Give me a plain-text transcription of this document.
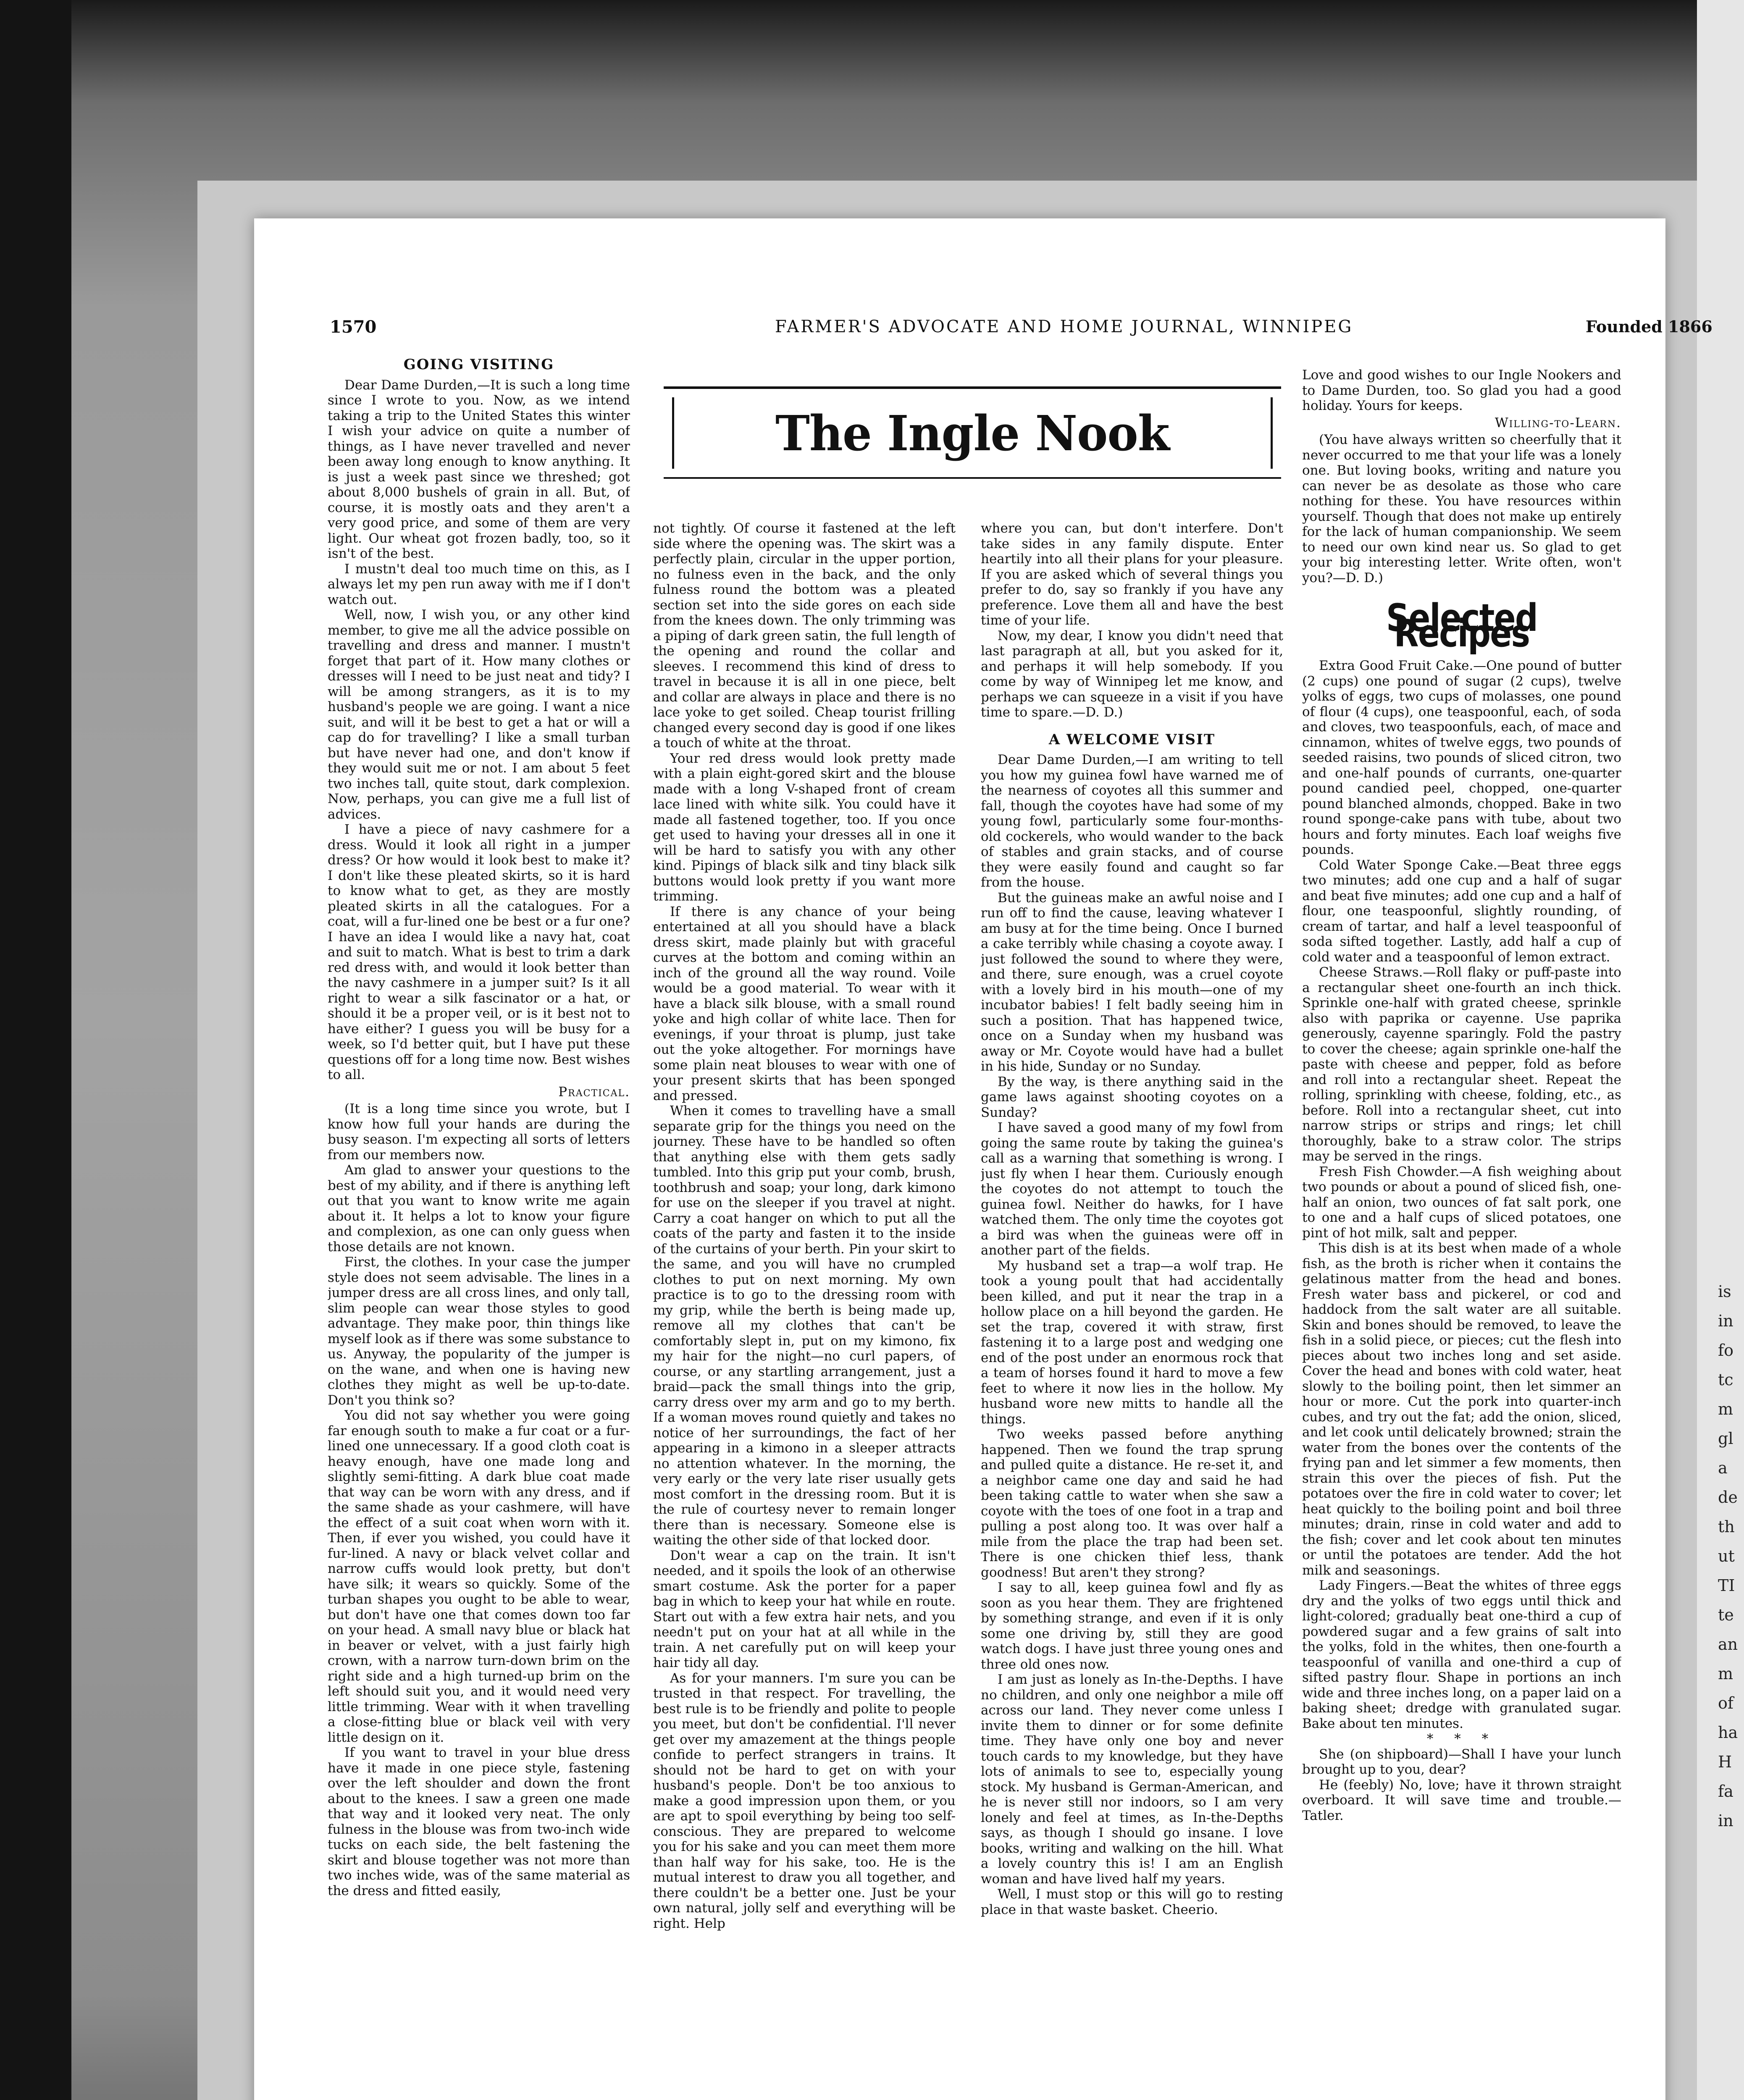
is
in
fo
tc
m
gl
a
de
th
ut
TI
te
an
m
of
ha
H
fa
in
1570	FARMER'S ADVOCATE AND HOME JOURNAL, WINNIPEG	Founded 1866
The Ingle Nook
GOING VISITING

Dear Dame Durden,—It is such a long time since I wrote to you. Now, as we intend taking a trip to the United States this winter I wish your advice on quite a number of things, as I have never travelled and never been away long enough to know anything. It is just a week past since we threshed; got about 8,000 bushels of grain in all. But, of course, it is mostly oats and they aren't a very good price, and some of them are very light. Our wheat got frozen badly, too, so it isn't of the best.

I mustn't deal too much time on this, as I always let my pen run away with me if I don't watch out.

Well, now, I wish you, or any other kind member, to give me all the advice possible on travelling and dress and manner. I mustn't forget that part of it. How many clothes or dresses will I need to be just neat and tidy? I will be among strangers, as it is to my husband's people we are going. I want a nice suit, and will it be best to get a hat or will a cap do for travelling? I like a small turban but have never had one, and don't know if they would suit me or not. I am about 5 feet two inches tall, quite stout, dark complexion. Now, perhaps, you can give me a full list of advices.

I have a piece of navy cashmere for a dress. Would it look all right in a jumper dress? Or how would it look best to make it? I don't like these pleated skirts, so it is hard to know what to get, as they are mostly pleated skirts in all the catalogues. For a coat, will a fur-lined one be best or a fur one? I have an idea I would like a navy hat, coat and suit to match. What is best to trim a dark red dress with, and would it look better than the navy cashmere in a jumper suit? Is it all right to wear a silk fascinator or a hat, or should it be a proper veil, or is it best not to have either? I guess you will be busy for a week, so I'd better quit, but I have put these questions off for a long time now. Best wishes to all.

Practical.

(It is a long time since you wrote, but I know how full your hands are during the busy season. I'm expecting all sorts of letters from our members now.

Am glad to answer your questions to the best of my ability, and if there is anything left out that you want to know write me again about it. It helps a lot to know your figure and complexion, as one can only guess when those details are not known.

First, the clothes. In your case the jumper style does not seem advisable. The lines in a jumper dress are all cross lines, and only tall, slim people can wear those styles to good advantage. They make poor, thin things like myself look as if there was some substance to us. Anyway, the popularity of the jumper is on the wane, and when one is having new clothes they might as well be up-to-date. Don't you think so?

You did not say whether you were going far enough south to make a fur coat or a fur-lined one unnecessary. If a good cloth coat is heavy enough, have one made long and slightly semi-fitting. A dark blue coat made that way can be worn with any dress, and if the same shade as your cashmere, will have the effect of a suit coat when worn with it. Then, if ever you wished, you could have it fur-lined. A navy or black velvet collar and narrow cuffs would look pretty, but don't have silk; it wears so quickly. Some of the turban shapes you ought to be able to wear, but don't have one that comes down too far on your head. A small navy blue or black hat in beaver or velvet, with a just fairly high crown, with a narrow turn-down brim on the right side and a high turned-up brim on the left should suit you, and it would need very little trimming. Wear with it when travelling a close-fitting blue or black veil with very little design on it.

If you want to travel in your blue dress have it made in one piece style, fastening over the left shoulder and down the front about to the knees. I saw a green one made that way and it looked very neat. The only fulness in the blouse was from two-inch wide tucks on each side, the belt fastening the skirt and blouse together was not more than two inches wide, was of the same material as the dress and fitted easily,

not tightly. Of course it fastened at the left side where the opening was. The skirt was a perfectly plain, circular in the upper portion, no fulness even in the back, and the only fulness round the bottom was a pleated section set into the side gores on each side from the knees down. The only trimming was a piping of dark green satin, the full length of the opening and round the collar and sleeves. I recommend this kind of dress to travel in because it is all in one piece, belt and collar are always in place and there is no lace yoke to get soiled. Cheap tourist frilling changed every second day is good if one likes a touch of white at the throat.

Your red dress would look pretty made with a plain eight-gored skirt and the blouse made with a long V-shaped front of cream lace lined with white silk. You could have it made all fastened together, too. If you once get used to having your dresses all in one it will be hard to satisfy you with any other kind. Pipings of black silk and tiny black silk buttons would look pretty if you want more trimming.

If there is any chance of your being entertained at all you should have a black dress skirt, made plainly but with graceful curves at the bottom and coming within an inch of the ground all the way round. Voile would be a good material. To wear with it have a black silk blouse, with a small round yoke and high collar of white lace. Then for evenings, if your throat is plump, just take out the yoke altogether. For mornings have some plain neat blouses to wear with one of your present skirts that has been sponged and pressed.

When it comes to travelling have a small separate grip for the things you need on the journey. These have to be handled so often that anything else with them gets sadly tumbled. Into this grip put your comb, brush, toothbrush and soap; your long, dark kimono for use on the sleeper if you travel at night. Carry a coat hanger on which to put all the coats of the party and fasten it to the inside of the curtains of your berth. Pin your skirt to the same, and you will have no crumpled clothes to put on next morning. My own practice is to go to the dressing room with my grip, while the berth is being made up, remove all my clothes that can't be comfortably slept in, put on my kimono, fix my hair for the night—no curl papers, of course, or any startling arrangement, just a braid—pack the small things into the grip, carry dress over my arm and go to my berth. If a woman moves round quietly and takes no notice of her surroundings, the fact of her appearing in a kimono in a sleeper attracts no attention whatever. In the morning, the very early or the very late riser usually gets most comfort in the dressing room. But it is the rule of courtesy never to remain longer there than is necessary. Someone else is waiting the other side of that locked door.

Don't wear a cap on the train. It isn't needed, and it spoils the look of an otherwise smart costume. Ask the porter for a paper bag in which to keep your hat while en route. Start out with a few extra hair nets, and you needn't put on your hat at all while in the train. A net carefully put on will keep your hair tidy all day.

As for your manners. I'm sure you can be trusted in that respect. For travelling, the best rule is to be friendly and polite to people you meet, but don't be confidential. I'll never get over my amazement at the things people confide to perfect strangers in trains. It should not be hard to get on with your husband's people. Don't be too anxious to make a good impression upon them, or you are apt to spoil everything by being too self-conscious. They are prepared to welcome you for his sake and you can meet them more than half way for his sake, too. He is the mutual interest to draw you all together, and there couldn't be a better one. Just be your own natural, jolly self and everything will be right. Help

where you can, but don't interfere. Don't take sides in any family dispute. Enter heartily into all their plans for your pleasure. If you are asked which of several things you prefer to do, say so frankly if you have any preference. Love them all and have the best time of your life.

Now, my dear, I know you didn't need that last paragraph at all, but you asked for it, and perhaps it will help somebody. If you come by way of Winnipeg let me know, and perhaps we can squeeze in a visit if you have time to spare.—D. D.)

A WELCOME VISIT

Dear Dame Durden,—I am writing to tell you how my guinea fowl have warned me of the nearness of coyotes all this summer and fall, though the coyotes have had some of my young fowl, particularly some four-months-old cockerels, who would wander to the back of stables and grain stacks, and of course they were easily found and caught so far from the house.

But the guineas make an awful noise and I run off to find the cause, leaving whatever I am busy at for the time being. Once I burned a cake terribly while chasing a coyote away. I just followed the sound to where they were, and there, sure enough, was a cruel coyote with a lovely bird in his mouth—one of my incubator babies! I felt badly seeing him in such a position. That has happened twice, once on a Sunday when my husband was away or Mr. Coyote would have had a bullet in his hide, Sunday or no Sunday.

By the way, is there anything said in the game laws against shooting coyotes on a Sunday?

I have saved a good many of my fowl from going the same route by taking the guinea's call as a warning that something is wrong. I just fly when I hear them. Curiously enough the coyotes do not attempt to touch the guinea fowl. Neither do hawks, for I have watched them. The only time the coyotes got a bird was when the guineas were off in another part of the fields.

My husband set a trap—a wolf trap. He took a young poult that had accidentally been killed, and put it near the trap in a hollow place on a hill beyond the garden. He set the trap, covered it with straw, first fastening it to a large post and wedging one end of the post under an enormous rock that a team of horses found it hard to move a few feet to where it now lies in the hollow. My husband wore new mitts to handle all the things.

Two weeks passed before anything happened. Then we found the trap sprung and pulled quite a distance. He re-set it, and a neighbor came one day and said he had been taking cattle to water when she saw a coyote with the toes of one foot in a trap and pulling a post along too. It was over half a mile from the place the trap had been set. There is one chicken thief less, thank goodness! But aren't they strong?

I say to all, keep guinea fowl and fly as soon as you hear them. They are frightened by something strange, and even if it is only some one driving by, still they are good watch dogs. I have just three young ones and three old ones now.

I am just as lonely as In-the-Depths. I have no children, and only one neighbor a mile off across our land. They never come unless I invite them to dinner or for some definite time. They have only one boy and never touch cards to my knowledge, but they have lots of animals to see to, especially young stock. My husband is German-American, and he is never still nor indoors, so I am very lonely and feel at times, as In-the-Depths says, as though I should go insane. I love books, writing and walking on the hill. What a lovely country this is! I am an English woman and have lived half my years.

Well, I must stop or this will go to resting place in that waste basket. Cheerio.

Love and good wishes to our Ingle Nookers and to Dame Durden, too. So glad you had a good holiday. Yours for keeps.

Willing-to-Learn.

(You have always written so cheerfully that it never occurred to me that your life was a lonely one. But loving books, writing and nature you can never be as desolate as those who care nothing for these. You have resources within yourself. Though that does not make up entirely for the lack of human companionship. We seem to need our own kind near us. So glad to get your big interesting letter. Write often, won't you?—D. D.)

Selected Recipes

Extra Good Fruit Cake.—One pound of butter (2 cups) one pound of sugar (2 cups), twelve yolks of eggs, two cups of molasses, one pound of flour (4 cups), one teaspoonful, each, of soda and cloves, two teaspoonfuls, each, of mace and cinnamon, whites of twelve eggs, two pounds of seeded raisins, two pounds of sliced citron, two and one-half pounds of currants, one-quarter pound candied peel, chopped, one-quarter pound blanched almonds, chopped. Bake in two round sponge-cake pans with tube, about two hours and forty minutes. Each loaf weighs five pounds.

Cold Water Sponge Cake.—Beat three eggs two minutes; add one cup and a half of sugar and beat five minutes; add one cup and a half of flour, one teaspoonful, slightly rounding, of cream of tartar, and half a level teaspoonful of soda sifted together. Lastly, add half a cup of cold water and a teaspoonful of lemon extract.

Cheese Straws.—Roll flaky or puff-paste into a rectangular sheet one-fourth an inch thick. Sprinkle one-half with grated cheese, sprinkle also with paprika or cayenne. Use paprika generously, cayenne sparingly. Fold the pastry to cover the cheese; again sprinkle one-half the paste with cheese and pepper, fold as before and roll into a rectangular sheet. Repeat the rolling, sprinkling with cheese, folding, etc., as before. Roll into a rectangular sheet, cut into narrow strips or strips and rings; let chill thoroughly, bake to a straw color. The strips may be served in the rings.

Fresh Fish Chowder.—A fish weighing about two pounds or about a pound of sliced fish, one-half an onion, two ounces of fat salt pork, one to one and a half cups of sliced potatoes, one pint of hot milk, salt and pepper.

This dish is at its best when made of a whole fish, as the broth is richer when it contains the gelatinous matter from the head and bones. Fresh water bass and pickerel, or cod and haddock from the salt water are all suitable. Skin and bones should be removed, to leave the fish in a solid piece, or pieces; cut the flesh into pieces about two inches long and set aside. Cover the head and bones with cold water, heat slowly to the boiling point, then let simmer an hour or more. Cut the pork into quarter-inch cubes, and try out the fat; add the onion, sliced, and let cook until delicately browned; strain the water from the bones over the contents of the frying pan and let simmer a few moments, then strain this over the pieces of fish. Put the potatoes over the fire in cold water to cover; let heat quickly to the boiling point and boil three minutes; drain, rinse in cold water and add to the fish; cover and let cook about ten minutes or until the potatoes are tender. Add the hot milk and seasonings.

Lady Fingers.—Beat the whites of three eggs dry and the yolks of two eggs until thick and light-colored; gradually beat one-third a cup of powdered sugar and a few grains of salt into the yolks, fold in the whites, then one-fourth a teaspoonful of vanilla and one-third a cup of sifted pastry flour. Shape in portions an inch wide and three inches long, on a paper laid on a baking sheet; dredge with granulated sugar. Bake about ten minutes.

* * *

She (on shipboard)—Shall I have your lunch brought up to you, dear?

He (feebly) No, love; have it thrown straight overboard. It will save time and trouble.—Tatler.
